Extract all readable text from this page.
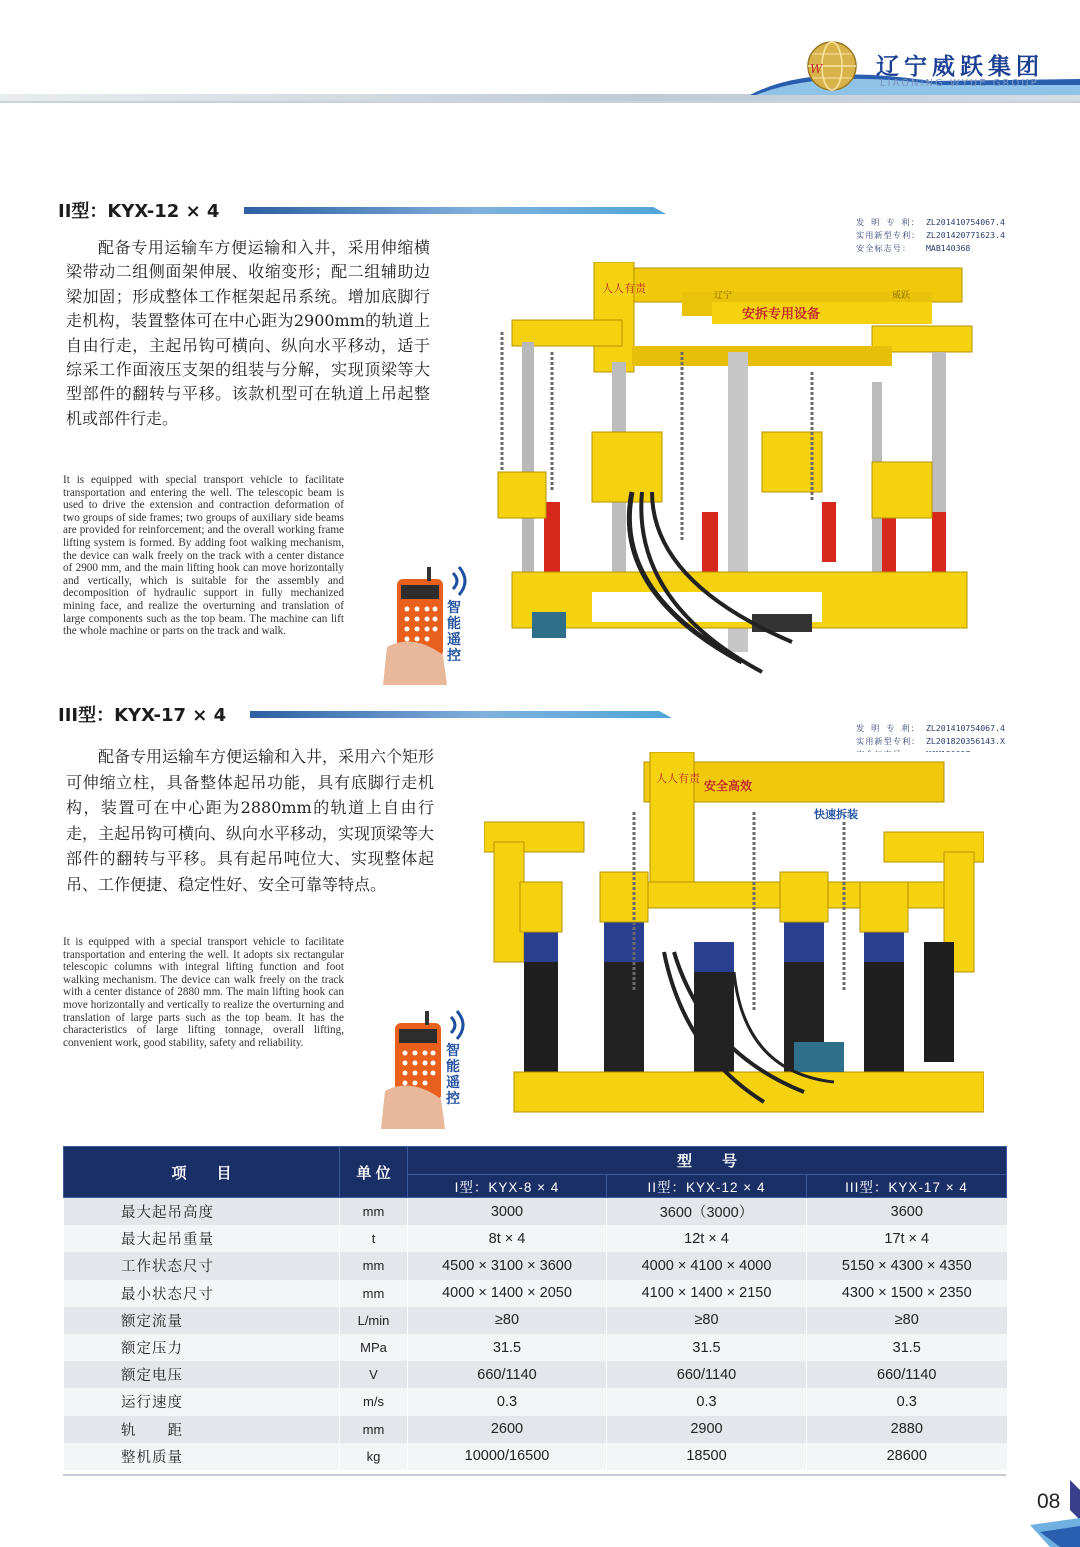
W 辽宁威跃集团
LIAONING WYUE GROUP
II型：KYX-12 × 4
配备专用运输车方便运输和入井，采用伸缩横梁带动二组侧面架伸展、收缩变形；配二组辅助边梁加固；形成整体工作框架起吊系统。增加底脚行走机构，装置整体可在中心距为2900mm的轨道上自由行走，主起吊钩可横向、纵向水平移动，适于综采工作面液压支架的组装与分解，实现顶梁等大型部件的翻转与平移。该款机型可在轨道上吊起整机或部件行走。
It is equipped with special transport vehicle to facilitate transportation and entering the well. The telescopic beam is used to drive the extension and contraction deformation of two groups of side frames; two groups of auxiliary side beams are provided for reinforcement; and the overall working frame lifting system is formed. By adding foot walking mechanism, the device can walk freely on the track with a center distance of 2900 mm, and the main lifting hook can move horizontally and vertically, which is suitable for the assembly and decomposition of hydraulic support in fully mechanized mining face, and realize the overturning and translation of large components such as the top beam. The machine can lift the whole machine or parts on the track and walk.
发 明 专 利： ZL201410754067.4
实用新型专利： ZL201420771623.4
安全标志号： MAB140368
人人有责
安拆专用设备
辽宁	威跃
智能遥控
III型：KYX-17 × 4
配备专用运输车方便运输和入井，采用六个矩形可伸缩立柱，具备整体起吊功能，具有底脚行走机构，装置可在中心距为2880mm的轨道上自由行走，主起吊钩可横向、纵向水平移动，实现顶梁等大部件的翻转与平移。具有起吊吨位大、实现整体起吊、工作便捷、稳定性好、安全可靠等特点。
It is equipped with a special transport vehicle to facilitate transportation and entering the well. It adopts six rectangular telescopic columns with integral lifting function and foot walking mechanism. The device can walk freely on the track with a center distance of 2880 mm. The main lifting hook can move horizontally and vertically to realize the overturning and translation of large parts such as the top beam. It has the characteristics of large lifting tonnage, overall lifting, convenient work, good stability, safety and reliability.
发 明 专 利： ZL201410754067.4
实用新型专利： ZL201820356143.X
安全标志号： MCM180017
安全高效
快速拆装
人人有责
智能遥控
项　　目	单 位	型　　号		
		I型：KYX-8 × 4	II型：KYX-12 × 4	III型：KYX-17 × 4
最大起吊高度	mm	3000	3600（3000）	3600
最大起吊重量	t	8t × 4	12t × 4	17t × 4
工作状态尺寸	mm	4500 × 3100 × 3600	4000 × 4100 × 4000	5150 × 4300 × 4350
最小状态尺寸	mm	4000 × 1400 × 2050	4100 × 1400 × 2150	4300 × 1500 × 2350
额定流量	L/min	≥80	≥80	≥80
额定压力	MPa	31.5	31.5	31.5
额定电压	V	660/1140	660/1140	660/1140
运行速度	m/s	0.3	0.3	0.3
轨　　距	mm	2600	2900	2880
整机质量	kg	10000/16500	18500	28600
08
